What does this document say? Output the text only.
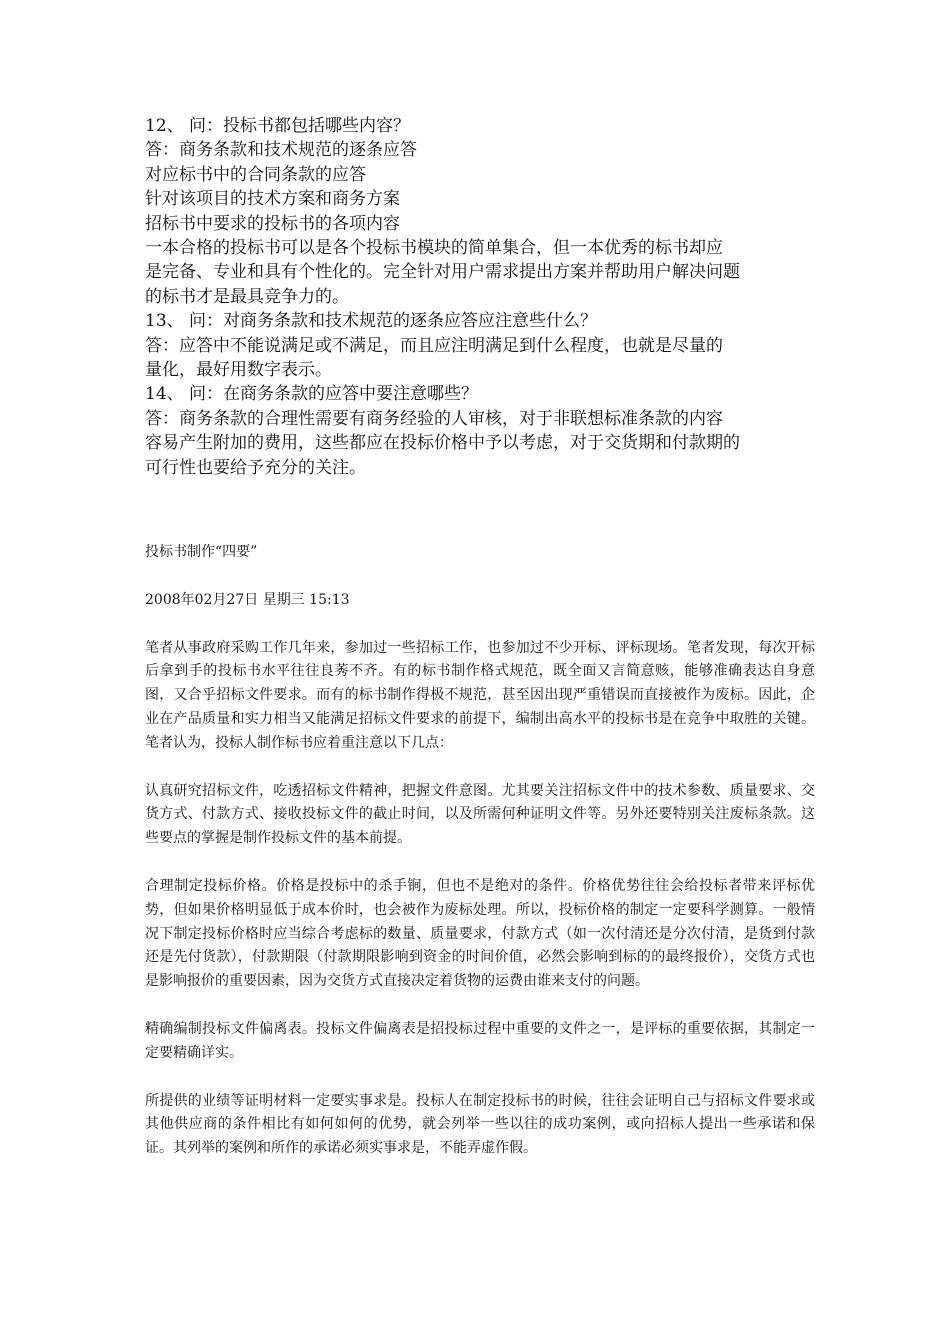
12、 问：投标书都包括哪些内容？

答：商务条款和技术规范的逐条应答

对应标书中的合同条款的应答

针对该项目的技术方案和商务方案

招标书中要求的投标书的各项内容

一本合格的投标书可以是各个投标书模块的简单集合，但一本优秀的标书却应

是完备、专业和具有个性化的。完全针对用户需求提出方案并帮助用户解决问题

的标书才是最具竞争力的。

13、 问：对商务条款和技术规范的逐条应答应注意些什么？

答：应答中不能说满足或不满足，而且应注明满足到什么程度，也就是尽量的

量化，最好用数字表示。

14、 问：在商务条款的应答中要注意哪些？

答：商务条款的合理性需要有商务经验的人审核，对于非联想标准条款的内容

容易产生附加的费用，这些都应在投标价格中予以考虑，对于交货期和付款期的

可行性也要给予充分的关注。

投标书制作“四要”

2008年02月27日 星期三 15:13

笔者从事政府采购工作几年来，参加过一些招标工作，也参加过不少开标、评标现场。笔者发现，每次开标后拿到手的投标书水平往往良莠不齐。有的标书制作格式规范，既全面又言简意赅，能够准确表达自身意图，又合乎招标文件要求。而有的标书制作得极不规范，甚至因出现严重错误而直接被作为废标。因此，企业在产品质量和实力相当又能满足招标文件要求的前提下，编制出高水平的投标书是在竞争中取胜的关键。笔者认为，投标人制作标书应着重注意以下几点：

认真研究招标文件，吃透招标文件精神，把握文件意图。尤其要关注招标文件中的技术参数、质量要求、交货方式、付款方式、接收投标文件的截止时间，以及所需何种证明文件等。另外还要特别关注废标条款。这些要点的掌握是制作投标文件的基本前提。

合理制定投标价格。价格是投标中的杀手锏，但也不是绝对的条件。价格优势往往会给投标者带来评标优势，但如果价格明显低于成本价时，也会被作为废标处理。所以，投标价格的制定一定要科学测算。一般情况下制定投标价格时应当综合考虑标的数量、质量要求，付款方式（如一次付清还是分次付清，是货到付款还是先付货款），付款期限（付款期限影响到资金的时间价值，必然会影响到标的的最终报价），交货方式也是影响报价的重要因素，因为交货方式直接决定着货物的运费由谁来支付的问题。

精确编制投标文件偏离表。投标文件偏离表是招投标过程中重要的文件之一，是评标的重要依据，其制定一定要精确详实。

所提供的业绩等证明材料一定要实事求是。投标人在制定投标书的时候，往往会证明自己与招标文件要求或其他供应商的条件相比有如何如何的优势，就会列举一些以往的成功案例，或向招标人提出一些承诺和保证。其列举的案例和所作的承诺必须实事求是，不能弄虚作假。
